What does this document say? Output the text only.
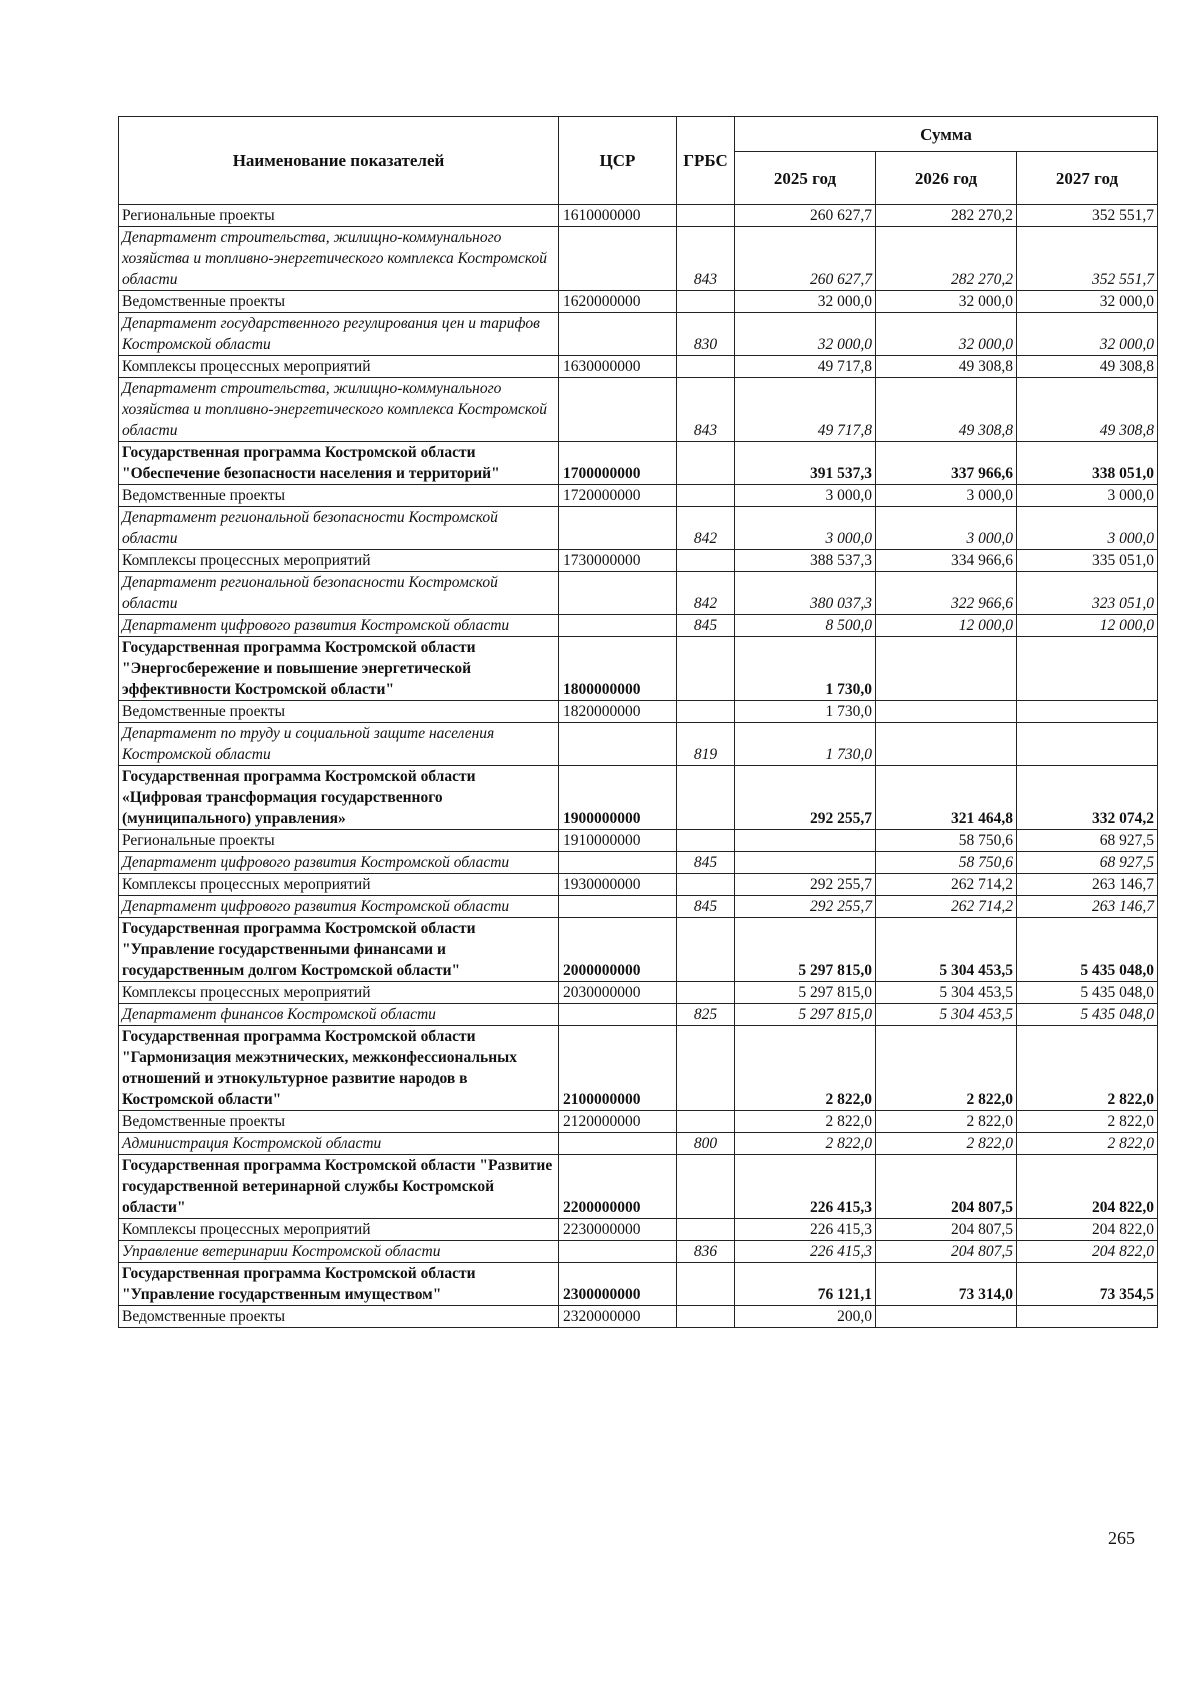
Наименование показателей	ЦСР	ГРБС	Сумма		
			2025 год	2026 год	2027 год
Региональные проекты	1610000000		260 627,7	282 270,2	352 551,7
Департамент строительства, жилищно-коммунального хозяйства и топливно-энергетического комплекса Костромской области		843	260 627,7	282 270,2	352 551,7
Ведомственные проекты	1620000000		32 000,0	32 000,0	32 000,0
Департамент государственного регулирования цен и тарифов Костромской области		830	32 000,0	32 000,0	32 000,0
Комплексы процессных мероприятий	1630000000		49 717,8	49 308,8	49 308,8
Департамент строительства, жилищно-коммунального хозяйства и топливно-энергетического комплекса Костромской области		843	49 717,8	49 308,8	49 308,8
Государственная программа Костромской области "Обеспечение безопасности населения и территорий"	1700000000		391 537,3	337 966,6	338 051,0
Ведомственные проекты	1720000000		3 000,0	3 000,0	3 000,0
Департамент региональной безопасности Костромской области		842	3 000,0	3 000,0	3 000,0
Комплексы процессных мероприятий	1730000000		388 537,3	334 966,6	335 051,0
Департамент региональной безопасности Костромской области		842	380 037,3	322 966,6	323 051,0
Департамент цифрового развития Костромской области		845	8 500,0	12 000,0	12 000,0
Государственная программа Костромской области "Энергосбережение и повышение энергетической эффективности Костромской области"	1800000000		1 730,0		
Ведомственные проекты	1820000000		1 730,0		
Департамент по труду и социальной защите населения Костромской области		819	1 730,0		
Государственная программа Костромской области «Цифровая трансформация государственного (муниципального) управления»	1900000000		292 255,7	321 464,8	332 074,2
Региональные проекты	1910000000			58 750,6	68 927,5
Департамент цифрового развития Костромской области		845		58 750,6	68 927,5
Комплексы процессных мероприятий	1930000000		292 255,7	262 714,2	263 146,7
Департамент цифрового развития Костромской области		845	292 255,7	262 714,2	263 146,7
Государственная программа Костромской области "Управление государственными финансами и государственным долгом Костромской области"	2000000000		5 297 815,0	5 304 453,5	5 435 048,0
Комплексы процессных мероприятий	2030000000		5 297 815,0	5 304 453,5	5 435 048,0
Департамент финансов Костромской области		825	5 297 815,0	5 304 453,5	5 435 048,0
Государственная программа Костромской области "Гармонизация межэтнических, межконфессиональных отношений и этнокультурное развитие народов в Костромской области"	2100000000		2 822,0	2 822,0	2 822,0
Ведомственные проекты	2120000000		2 822,0	2 822,0	2 822,0
Администрация Костромской области		800	2 822,0	2 822,0	2 822,0
Государственная программа Костромской области "Развитие государственной ветеринарной службы Костромской области"	2200000000		226 415,3	204 807,5	204 822,0
Комплексы процессных мероприятий	2230000000		226 415,3	204 807,5	204 822,0
Управление ветеринарии Костромской области		836	226 415,3	204 807,5	204 822,0
Государственная программа Костромской области "Управление государственным имуществом"	2300000000		76 121,1	73 314,0	73 354,5
Ведомственные проекты	2320000000		200,0		
265
